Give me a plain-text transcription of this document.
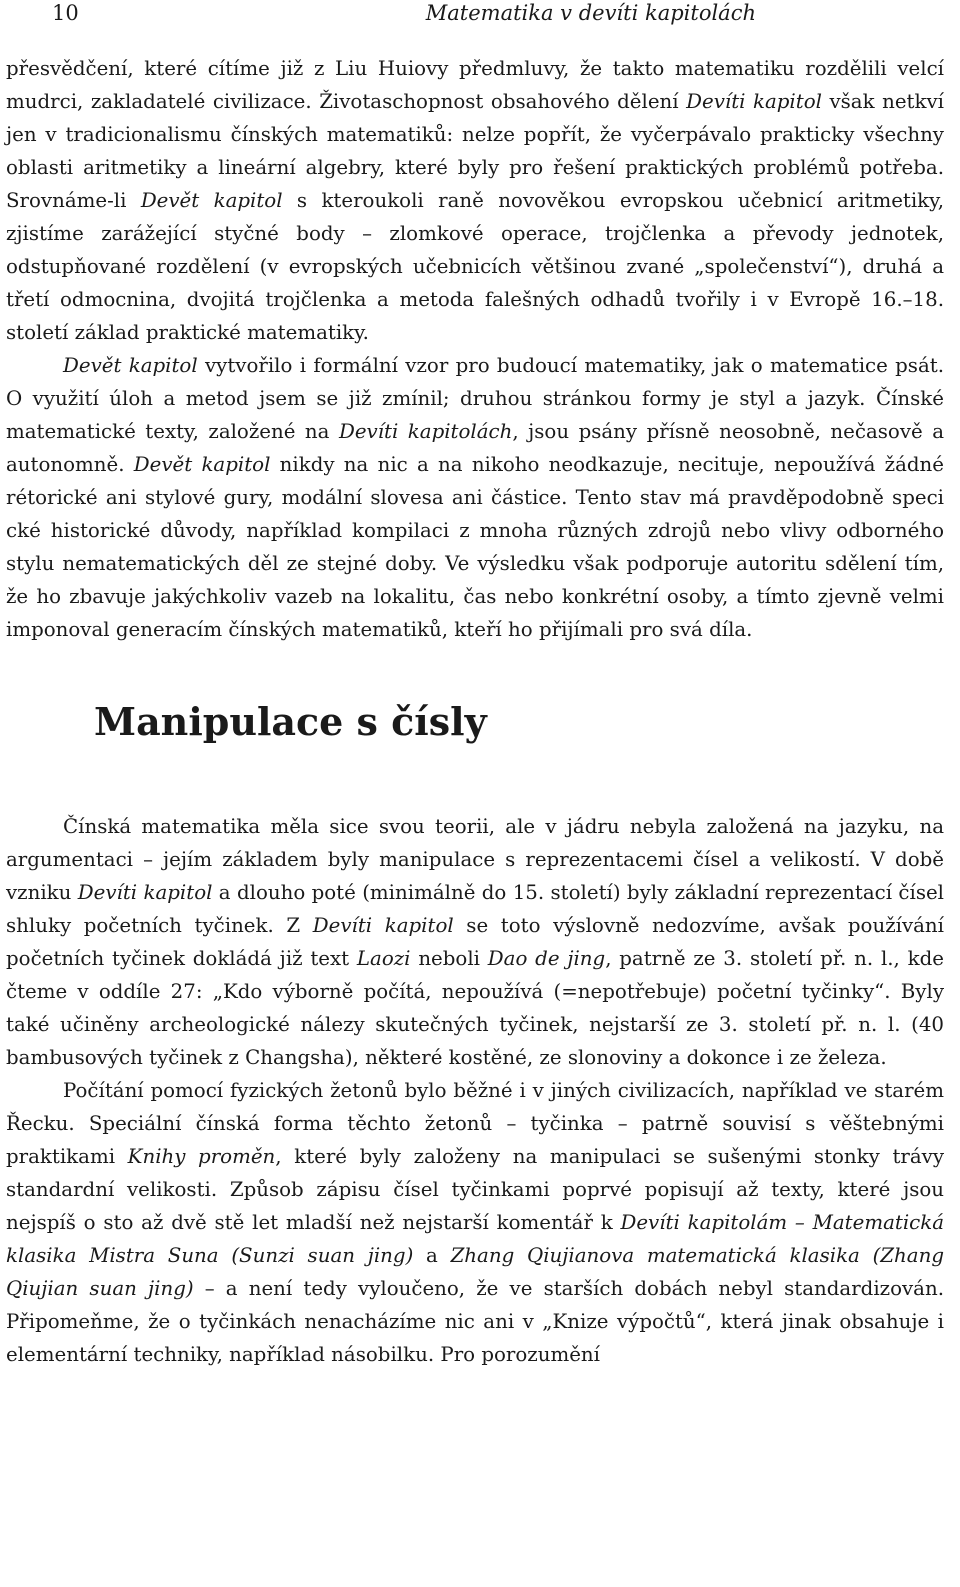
10	Matematika v devíti kapitolách

přesvědčení, které cítíme již z Liu Huiovy předmluvy, že takto matematiku rozdělili velcí mudrci, zakladatelé civilizace. Životaschopnost obsahového dělení Devíti kapitol však netkví jen v tradicionalismu čínských matematiků: nelze popřít, že vyčerpávalo prakticky všechny oblasti aritmetiky a lineární algebry, které byly pro řešení praktických problémů potřeba. Srovnáme-li Devět kapitol s kteroukoli raně novověkou evropskou učebnicí aritmetiky, zjistíme zarážející styčné body – zlomkové operace, trojčlenka a převody jednotek, odstupňované rozdělení (v evropských učebnicích většinou zvané „společenství“), druhá a třetí odmocnina, dvojitá trojčlenka a metoda falešných odhadů tvořily i v Evropě 16.–18. století základ praktické matematiky.

Devět kapitol vytvořilo i formální vzor pro budoucí matematiky, jak o matematice psát. O využití úloh a metod jsem se již zmínil; druhou stránkou formy je styl a jazyk. Čínské matematické texty, založené na Devíti kapitolách, jsou psány přísně neosobně, nečasově a autonomně. Devět kapitol nikdy na nic a na nikoho neodkazuje, necituje, nepoužívá žádné rétorické ani stylové gury, modální slovesa ani částice. Tento stav má pravděpodobně speci cké historické důvody, například kompilaci z mnoha různých zdrojů nebo vlivy odborného stylu nematematických děl ze stejné doby. Ve výsledku však podporuje autoritu sdělení tím, že ho zbavuje jakýchkoliv vazeb na lokalitu, čas nebo konkrétní osoby, a tímto zjevně velmi imponoval generacím čínských matematiků, kteří ho přijímali pro svá díla.

Manipulace s čísly

Čínská matematika měla sice svou teorii, ale v jádru nebyla založená na jazyku, na argumentaci – jejím základem byly manipulace s reprezentacemi čísel a velikostí. V době vzniku Devíti kapitol a dlouho poté (minimálně do 15. století) byly základní reprezentací čísel shluky početních tyčinek. Z Devíti kapitol se toto výslovně nedozvíme, avšak používání početních tyčinek dokládá již text Laozi neboli Dao de jing, patrně ze 3. století př. n. l., kde čteme v oddíle 27: „Kdo výborně počítá, nepoužívá (=nepotřebuje) početní tyčinky“. Byly také učiněny archeologické nálezy skutečných tyčinek, nejstarší ze 3. století př. n. l. (40 bambusových tyčinek z Changsha), některé kostěné, ze slonoviny a dokonce i ze železa.

Počítání pomocí fyzických žetonů bylo běžné i v jiných civilizacích, například ve starém Řecku. Speciální čínská forma těchto žetonů – tyčinka – patrně souvisí s věštebnými praktikami Knihy proměn, které byly založeny na manipulaci se sušenými stonky trávy standardní velikosti. Způsob zápisu čísel tyčinkami poprvé popisují až texty, které jsou nejspíš o sto až dvě stě let mladší než nejstarší komentář k Devíti kapitolám – Matematická klasika Mistra Suna (Sunzi suan jing) a Zhang Qiujianova matematická klasika (Zhang Qiujian suan jing) – a není tedy vyloučeno, že ve starších dobách nebyl standardizován. Připomeňme, že o tyčinkách nenacházíme nic ani v „Knize výpočtů“, která jinak obsahuje i elementární techniky, například násobilku. Pro porozumění
